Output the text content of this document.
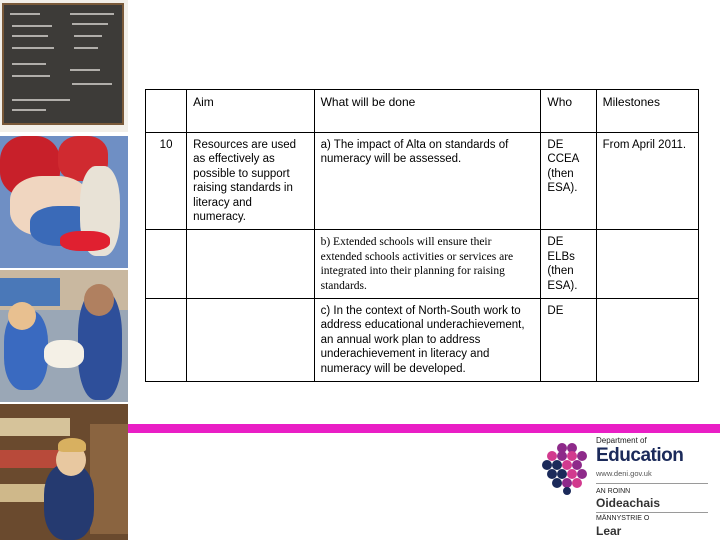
	Aim	What will be done	Who	Milestones
10	Resources are used as effectively as possible to support raising standards in literacy and numeracy.	a) The impact of Alta on standards of numeracy will be assessed.	DE CCEA (then ESA).	From April 2011.
		b) Extended schools will ensure their extended schools activities or services are integrated into their planning for raising standards.	DE ELBs (then ESA).	
		c) In the context of North-South work to address educational underachievement, an annual work plan to address underachievement in literacy and numeracy will be developed.	DE	
Department of
Education
www.deni.gov.uk
AN ROINN
Oideachais
MÄNNYSTRIE O
Lear
